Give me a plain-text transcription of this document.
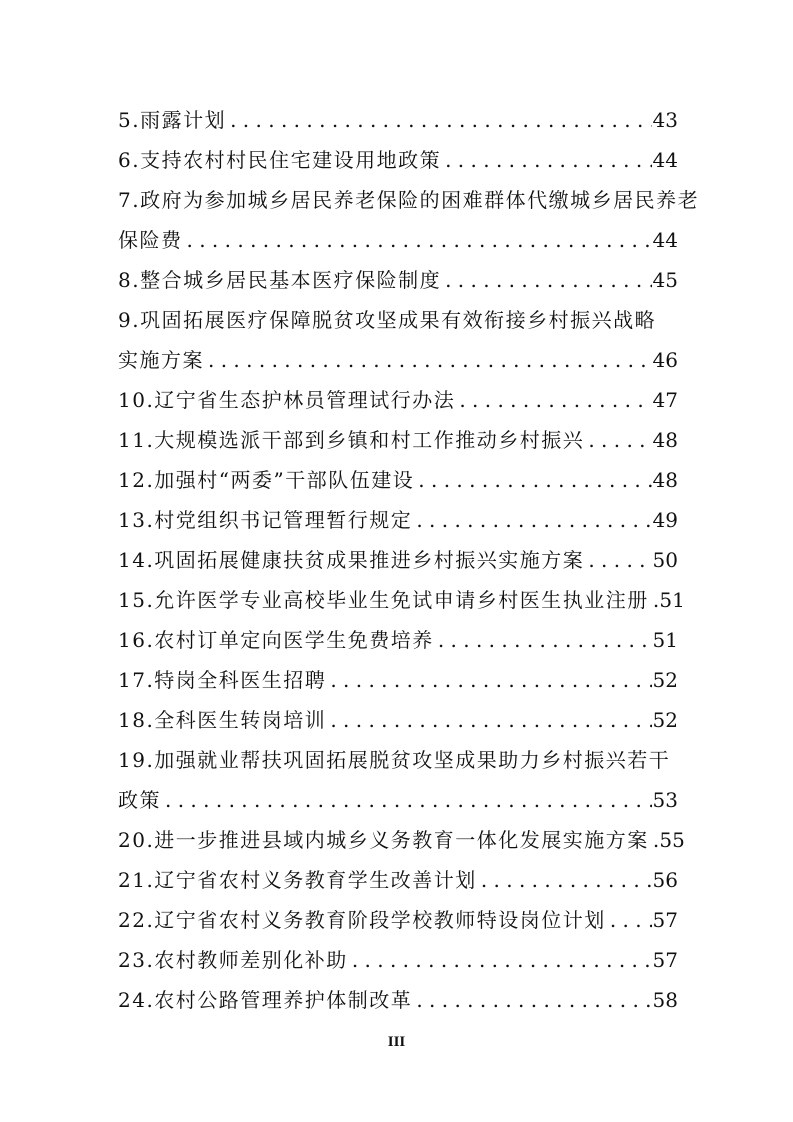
5.雨露计划 . . .	43
6.支持农村村民住宅建设用地政策 . . .	44
7.政府为参加城乡居民养老保险的困难群体代缴城乡居民养老
保险费 . . .	44
8.整合城乡居民基本医疗保险制度 . . .	45
9.巩固拓展医疗保障脱贫攻坚成果有效衔接乡村振兴战略
实施方案 . . .	46
10.辽宁省生态护林员管理试行办法 . . .	47
11.大规模选派干部到乡镇和村工作推动乡村振兴 . . .	48
12.加强村“两委”干部队伍建设 . . .	48
13.村党组织书记管理暂行规定 . . .	49
14.巩固拓展健康扶贫成果推进乡村振兴实施方案 . . .	50
15.允许医学专业高校毕业生免试申请乡村医生执业注册 . . . 51
16.农村订单定向医学生免费培养 . . .	51
17.特岗全科医生招聘 . . .	52
18.全科医生转岗培训 . . .	52
19.加强就业帮扶巩固拓展脱贫攻坚成果助力乡村振兴若干
政策 . . .	53
20.进一步推进县域内城乡义务教育一体化发展实施方案 . . . 55
21.辽宁省农村义务教育学生改善计划 . . .	56
22.辽宁省农村义务教育阶段学校教师特设岗位计划 . . . 57
23.农村教师差别化补助 . . .	57
24.农村公路管理养护体制改革 . . .	58
III
